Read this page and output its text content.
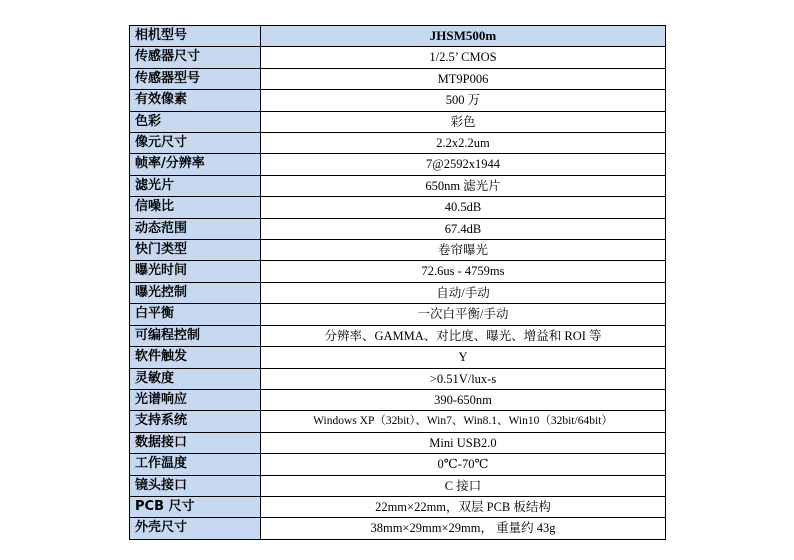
相机型号	JHSM500m
传感器尺寸	1/2.5’ CMOS
传感器型号	MT9P006
有效像素	500 万
色彩	彩色
像元尺寸	2.2x2.2um
帧率/分辨率	7@2592x1944
滤光片	650nm 滤光片
信噪比	40.5dB
动态范围	67.4dB
快门类型	卷帘曝光
曝光时间	72.6us - 4759ms
曝光控制	自动/手动
白平衡	一次白平衡/手动
可编程控制	分辨率、GAMMA、对比度、曝光、增益和 ROI 等
软件触发	Y
灵敏度	>0.51V/lux-s
光谱响应	390-650nm
支持系统	Windows XP（32bit）、Win7、Win8.1、Win10（32bit/64bit）
数据接口	Mini USB2.0
工作温度	0℃-70℃
镜头接口	C 接口
PCB 尺寸	22mm×22mm，双层 PCB 板结构
外壳尺寸	38mm×29mm×29mm， 重量约 43g
